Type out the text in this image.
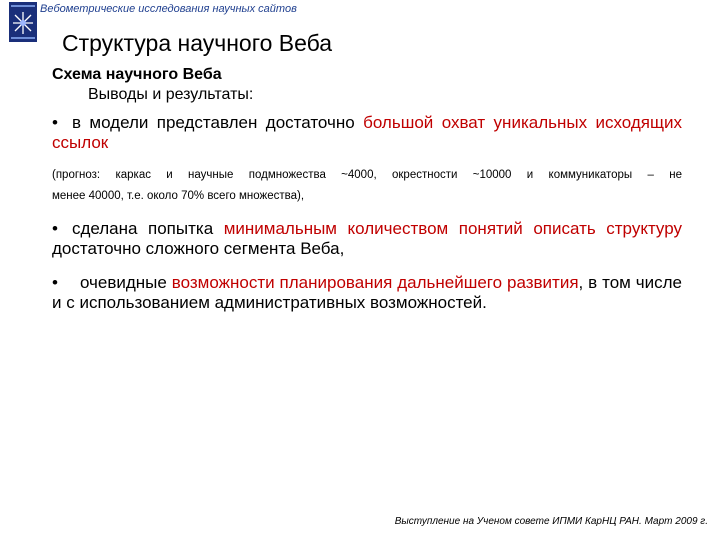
Вебометрические исследования научных сайтов
Структура научного Веба
Схема научного Веба
Выводы и результаты:
• в модели представлен достаточно большой охват уникальных исходящих ссылок
(прогноз: каркас и научные подмножества ~4000, окрестности ~10000 и коммуникаторы – не
менее 40000, т.е. около 70% всего множества),
• сделана попытка минимальным количеством понятий описать структуру достаточно сложного сегмента Веба,
• очевидные возможности планирования дальнейшего развития, в том числе и с использованием административных возможностей.
Выступление на Ученом совете ИПМИ КарНЦ РАН. Март 2009 г.
